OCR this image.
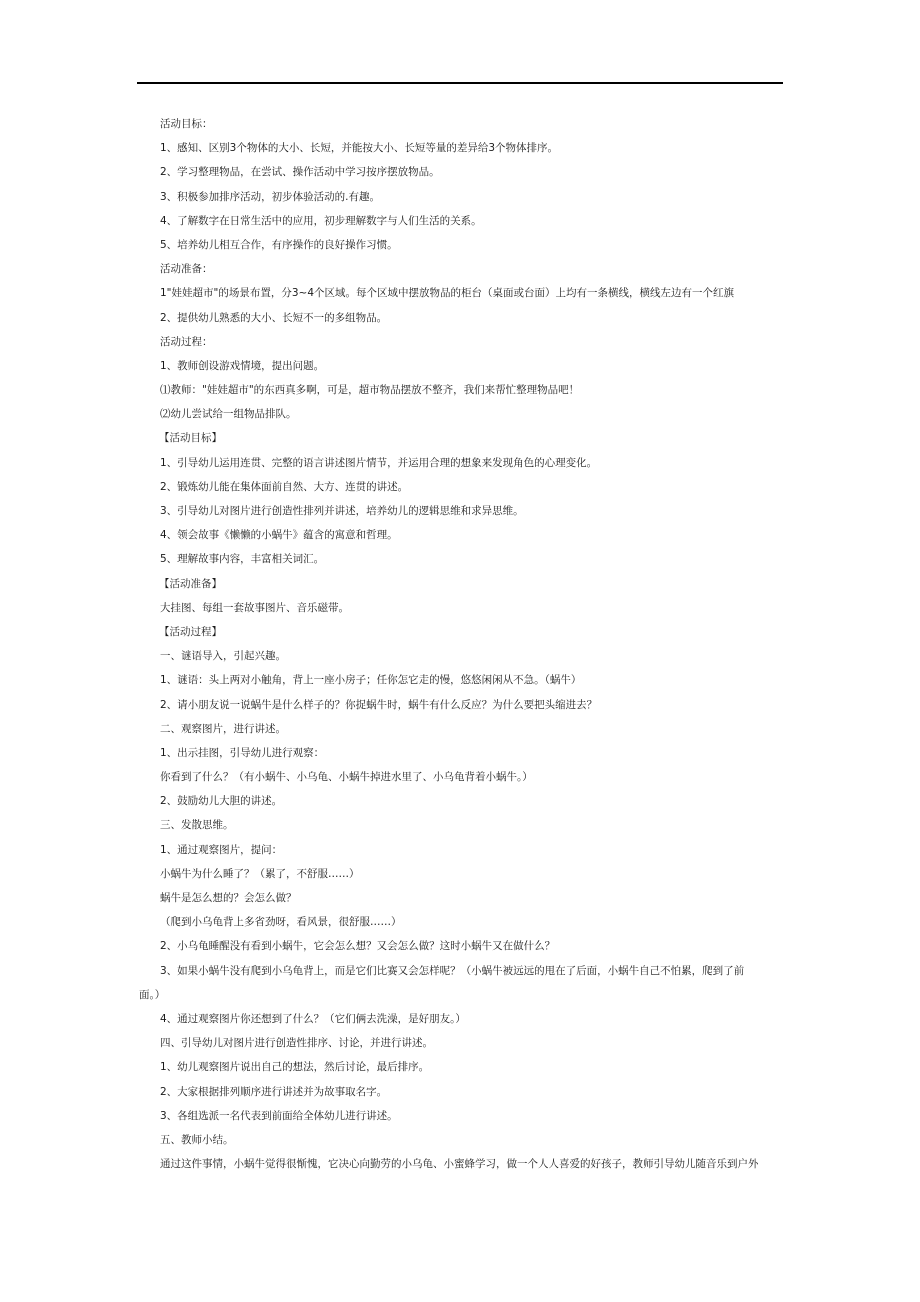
活动目标：

1、感知、区别3个物体的大小、长短，并能按大小、长短等量的差异给3个物体排序。

2、学习整理物品，在尝试、操作活动中学习按序摆放物品。

3、积极参加排序活动，初步体验活动的.有趣。

4、了解数字在日常生活中的应用，初步理解数字与人们生活的关系。

5、培养幼儿相互合作，有序操作的良好操作习惯。

活动准备：

1"娃娃超市"的场景布置，分3~4个区域。每个区域中摆放物品的柜台（桌面或台面）上均有一条横线，横线左边有一个红旗

2、提供幼儿熟悉的大小、长短不一的多组物品。

活动过程：

1、教师创设游戏情境，提出问题。

⑴教师："娃娃超市"的东西真多啊，可是，超市物品摆放不整齐，我们来帮忙整理物品吧！

⑵幼儿尝试给一组物品排队。

【活动目标】

1、引导幼儿运用连贯、完整的语言讲述图片情节，并运用合理的想象来发现角色的心理变化。

2、锻炼幼儿能在集体面前自然、大方、连贯的讲述。

3、引导幼儿对图片进行创造性排列并讲述，培养幼儿的逻辑思维和求异思维。

4、领会故事《懒懒的小蜗牛》蕴含的寓意和哲理。

5、理解故事内容，丰富相关词汇。

【活动准备】

大挂图、每组一套故事图片、音乐磁带。

【活动过程】

一、谜语导入，引起兴趣。

1、谜语：头上两对小触角，背上一座小房子；任你怎它走的慢，悠悠闲闲从不急。（蜗牛）

2、请小朋友说一说蜗牛是什么样子的？你捉蜗牛时，蜗牛有什么反应？为什么要把头缩进去？

二、观察图片，进行讲述。

1、出示挂图，引导幼儿进行观察：

你看到了什么？（有小蜗牛、小乌龟、小蜗牛掉进水里了、小乌龟背着小蜗牛。）

2、鼓励幼儿大胆的讲述。

三、发散思维。

1、通过观察图片，提问：

小蜗牛为什么睡了？（累了，不舒服……）

蜗牛是怎么想的？会怎么做？

（爬到小乌龟背上多省劲呀，看风景，很舒服……）

2、小乌龟睡醒没有看到小蜗牛，它会怎么想？又会怎么做？这时小蜗牛又在做什么？

3、如果小蜗牛没有爬到小乌龟背上，而是它们比赛又会怎样呢？（小蜗牛被远远的甩在了后面，小蜗牛自己不怕累，爬到了前

面。）

4、通过观察图片你还想到了什么？（它们俩去洗澡，是好朋友。）

四、引导幼儿对图片进行创造性排序、讨论，并进行讲述。

1、幼儿观察图片说出自己的想法，然后讨论，最后排序。

2、大家根据排列顺序进行讲述并为故事取名字。

3、各组选派一名代表到前面给全体幼儿进行讲述。

五、教师小结。

通过这件事情，小蜗牛觉得很惭愧，它决心向勤劳的小乌龟、小蜜蜂学习，做一个人人喜爱的好孩子，教师引导幼儿随音乐到户外
